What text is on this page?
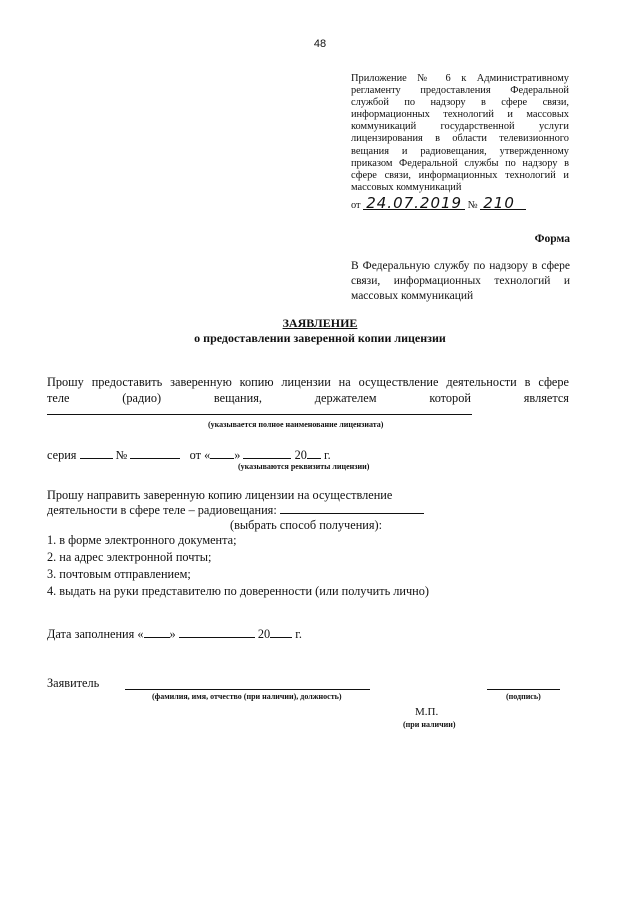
48
Приложение № 6 к Административному
регламенту предоставления Федеральной
службой по надзору в сфере связи,
информационных технологий и массовых
коммуникаций государственной услуги
лицензирования в области телевизионного
вещания и радиовещания, утвержденному
приказом Федеральной службы по надзору в
сфере связи, информационных технологий и
массовых коммуникаций
от 24.07.2019 № 210
Форма
В Федеральную службу по надзору в сфере
связи, информационных технологий и
массовых коммуникаций
ЗАЯВЛЕНИЕ
о предоставлении заверенной копии лицензии
Прошу предоставить заверенную копию лицензии на осуществление деятельности в сфере
теле	(радио)	вещания,	держателем	которой	является
(указывается полное наименование лицензиата)
серия	№	от « »	20 г.
(указываются реквизиты лицензии)
Прошу направить заверенную копию лицензии на осуществление
деятельности в сфере теле – радиовещания:
(выбрать способ получения):
1. в форме электронного документа;
2. на адрес электронной почты;
3. почтовым отправлением;
4. выдать на руки представителю по доверенности (или получить лично)
Дата заполнения « »	20 г.
Заявитель
(фамилия, имя, отчество (при наличии), должность)	(подпись)
М.П.
(при наличии)
